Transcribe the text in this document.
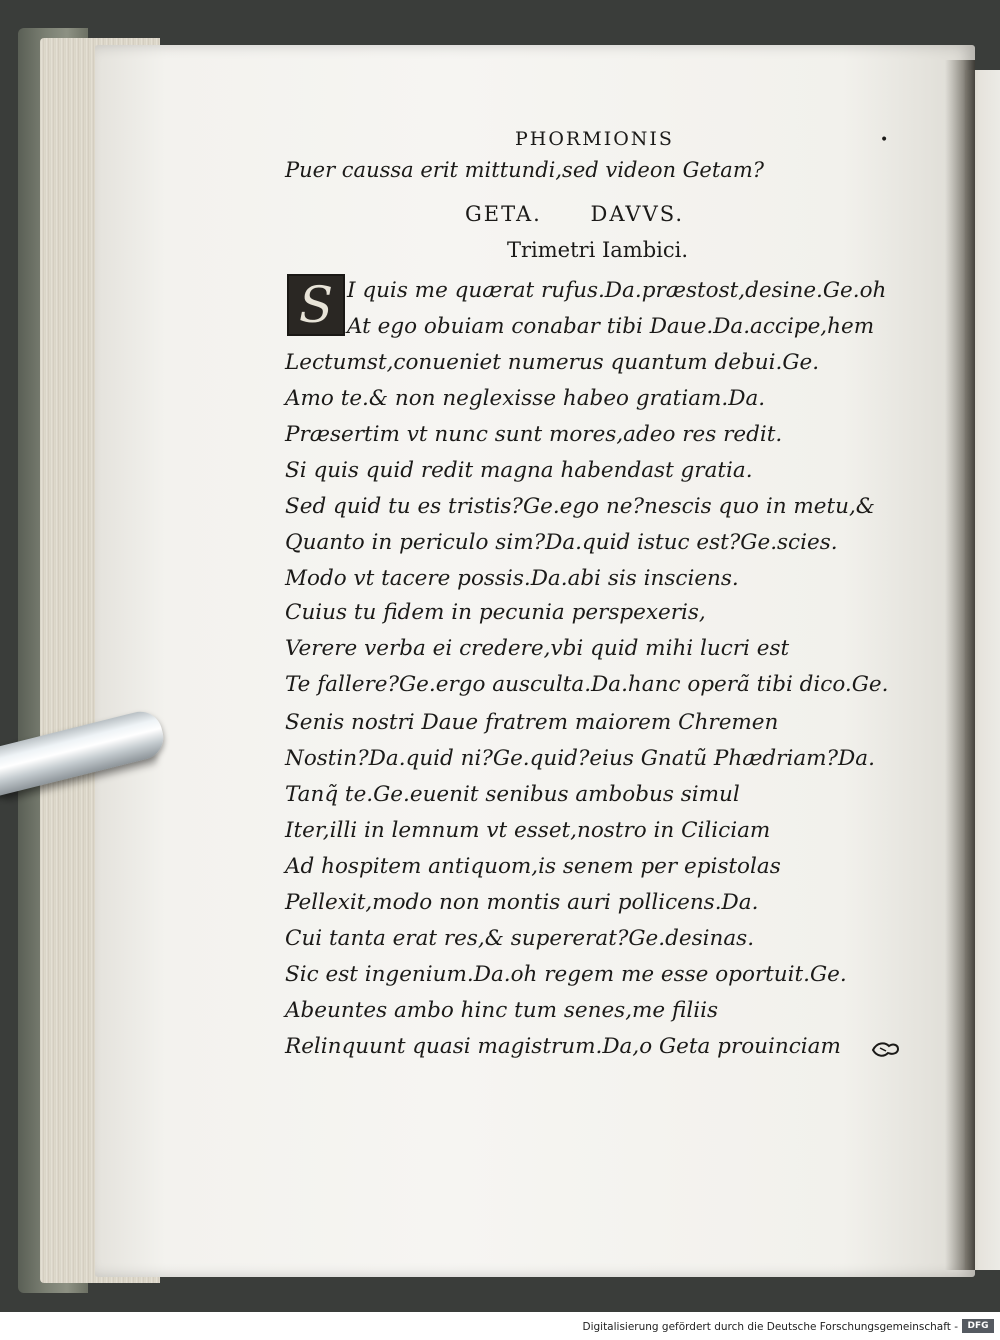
PHORMIONIS	•
Puer caussa erit mittundi,sed videon Getam?
GETA. DAVVS.
Trimetri Iambici.
S I quis me quærat rufus.Da.præstost,desine.Ge.oh
At ego obuiam conabar tibi Daue.Da.accipe,hem
Lectumst,conueniet numerus quantum debui.Ge.
Amo te.& non neglexisse habeo gratiam.Da.
Præsertim vt nunc sunt mores,adeo res redit.
Si quis quid redit magna habendast gratia.
Sed quid tu es tristis?Ge.ego ne?nescis quo in metu,&
Quanto in periculo sim?Da.quid istuc est?Ge.scies.
Modo vt tacere possis.Da.abi sis insciens.
Cuius tu fidem in pecunia perspexeris,
Verere verba ei credere,vbi quid mihi lucri est
Te fallere?Ge.ergo ausculta.Da.hanc operã tibi dico.Ge.
Senis nostri Daue fratrem maiorem Chremen
Nostin?Da.quid ni?Ge.quid?eius Gnatũ Phædriam?Da.
Tanq̃ te.Ge.euenit senibus ambobus simul
Iter,illi in lemnum vt esset,nostro in Ciliciam
Ad hospitem antiquom,is senem per epistolas
Pellexit,modo non montis auri pollicens.Da.
Cui tanta erat res,& supererat?Ge.desinas.
Sic est ingenium.Da.oh regem me esse oportuit.Ge.
Abeuntes ambo hinc tum senes,me filiis
Relinquunt quasi magistrum.Da,o Geta prouinciam
Digitalisierung gefördert durch die Deutsche Forschungsgemeinschaft -	DFG
